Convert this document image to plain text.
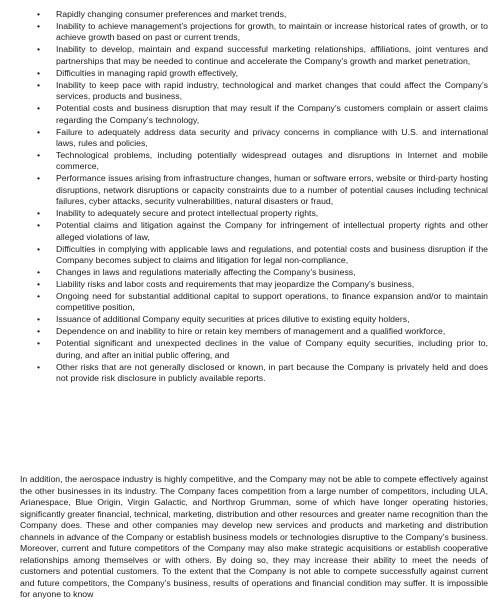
• Rapidly changing consumer preferences and market trends,
• Inability to achieve management’s projections for growth, to maintain or increase historical rates of growth, or to achieve growth based on past or current trends,
• Inability to develop, maintain and expand successful marketing relationships, affiliations, joint ventures and partnerships that may be needed to continue and accelerate the Company’s growth and market penetration,
• Difficulties in managing rapid growth effectively,
• Inability to keep pace with rapid industry, technological and market changes that could affect the Company’s services, products and business,
• Potential costs and business disruption that may result if the Company’s customers complain or assert claims regarding the Company’s technology,
• Failure to adequately address data security and privacy concerns in compliance with U.S. and international laws, rules and policies,
• Technological problems, including potentially widespread outages and disruptions in Internet and mobile commerce,
• Performance issues arising from infrastructure changes, human or software errors, website or third-party hosting disruptions, network disruptions or capacity constraints due to a number of potential causes including technical failures, cyber attacks, security vulnerabilities, natural disasters or fraud,
• Inability to adequately secure and protect intellectual property rights,
• Potential claims and litigation against the Company for infringement of intellectual property rights and other alleged violations of law,
• Difficulties in complying with applicable laws and regulations, and potential costs and business disruption if the Company becomes subject to claims and litigation for legal non-compliance,
• Changes in laws and regulations materially affecting the Company’s business,
• Liability risks and labor costs and requirements that may jeopardize the Company’s business,
• Ongoing need for substantial additional capital to support operations, to finance expansion and/or to maintain competitive position,
• Issuance of additional Company equity securities at prices dilutive to existing equity holders,
• Dependence on and inability to hire or retain key members of management and a qualified workforce,
• Potential significant and unexpected declines in the value of Company equity securities, including prior to, during, and after an initial public offering, and
• Other risks that are not generally disclosed or known, in part because the Company is privately held and does not provide risk disclosure in publicly available reports.

In addition, the aerospace industry is highly competitive, and the Company may not be able to compete effectively against the other businesses in its industry. The Company faces competition from a large number of competitors, including ULA, Arianespace, Blue Origin, Virgin Galactic, and Northrop Grumman, some of which have longer operating histories, significantly greater financial, technical, marketing, distribution and other resources and greater name recognition than the Company does. These and other companies may develop new services and products and marketing and distribution channels in advance of the Company or establish business models or technologies disruptive to the Company’s business. Moreover, current and future competitors of the Company may also make strategic acquisitions or establish cooperative relationships among themselves or with others. By doing so, they may increase their ability to meet the needs of customers and potential customers. To the extent that the Company is not able to compete successfully against current and future competitors, the Company’s business, results of operations and financial condition may suffer. It is impossible for anyone to know
